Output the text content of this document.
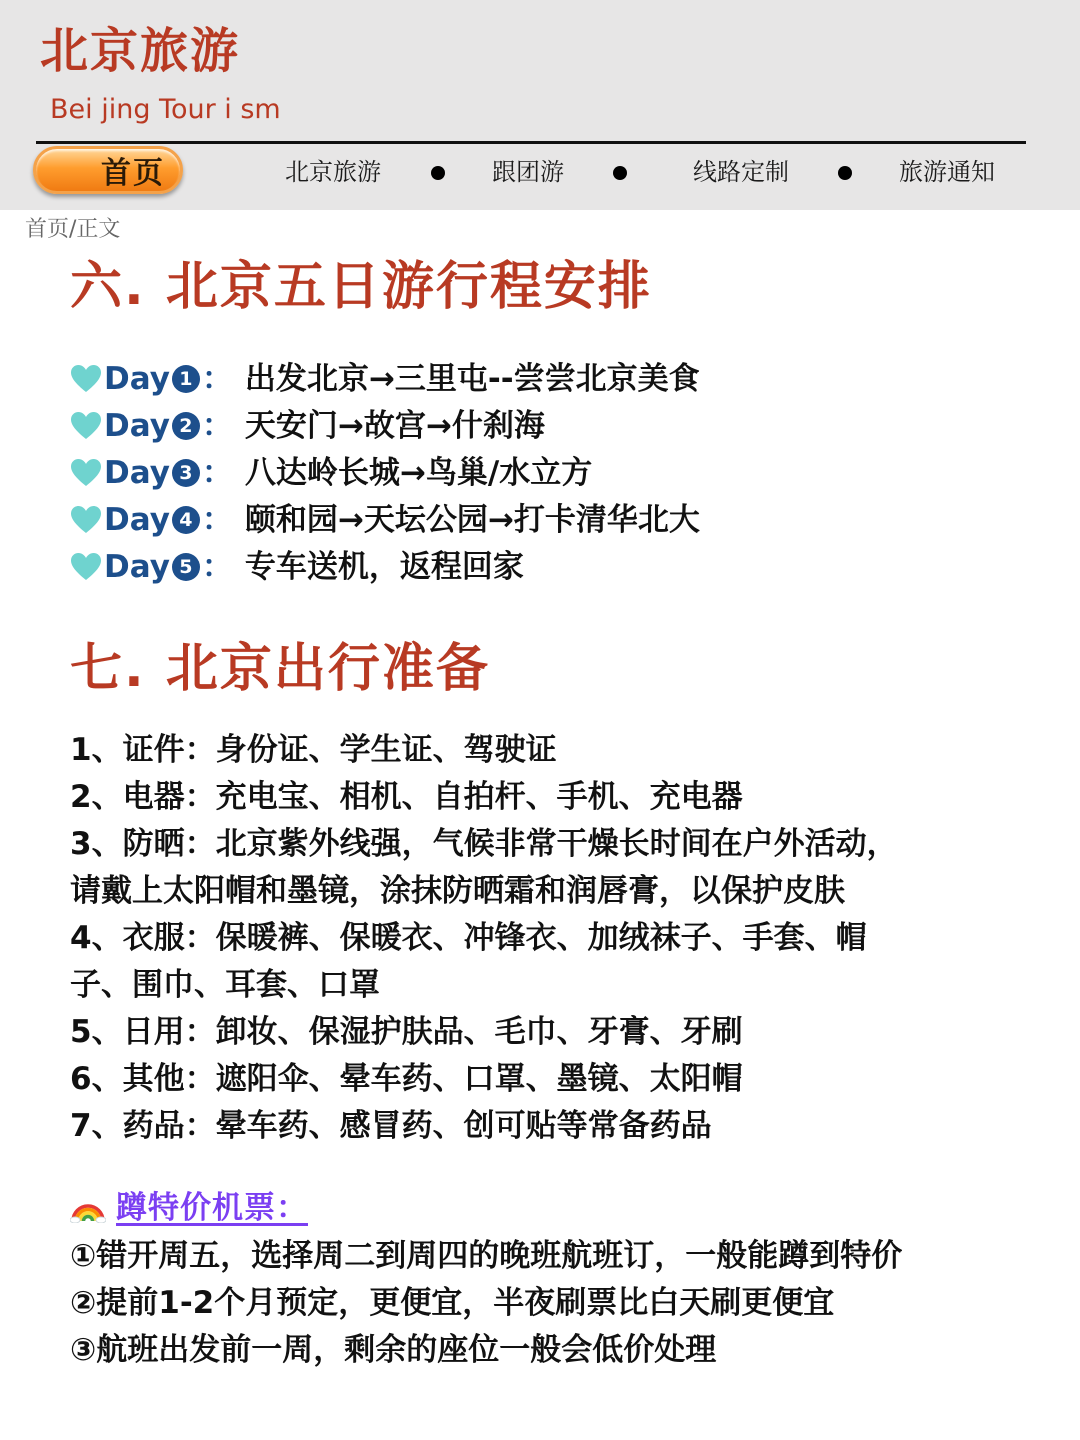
北京旅游
Bei jing Tour i sm
首页	北京旅游	跟团游	线路定制	旅游通知
首页/正文
六. 北京五日游行程安排
Day 1 ： 出发北京→三里屯--尝尝北京美食
Day 2 ： 天安门→故宫→什刹海
Day 3 ： 八达岭长城→鸟巢/水立方
Day 4 ： 颐和园→天坛公园→打卡清华北大
Day 5 ： 专车送机，返程回家
七. 北京出行准备
1、证件：身份证、学生证、驾驶证
2、电器：充电宝、相机、自拍杆、手机、充电器
3、防晒：北京紫外线强，气候非常干燥长时间在户外活动，
请戴上太阳帽和墨镜，涂抹防晒霜和润唇膏，以保护皮肤
4、衣服：保暖裤、保暖衣、冲锋衣、加绒袜子、手套、帽
子、围巾、耳套、口罩
5、日用：卸妆、保湿护肤品、毛巾、牙膏、牙刷
6、其他：遮阳伞、晕车药、口罩、墨镜、太阳帽
7、药品：晕车药、感冒药、创可贴等常备药品
蹲特价机票：
①错开周五，选择周二到周四的晚班航班订，一般能蹲到特价
②提前1-2个月预定，更便宜，半夜刷票比白天刷更便宜
③航班出发前一周，剩余的座位一般会低价处理
